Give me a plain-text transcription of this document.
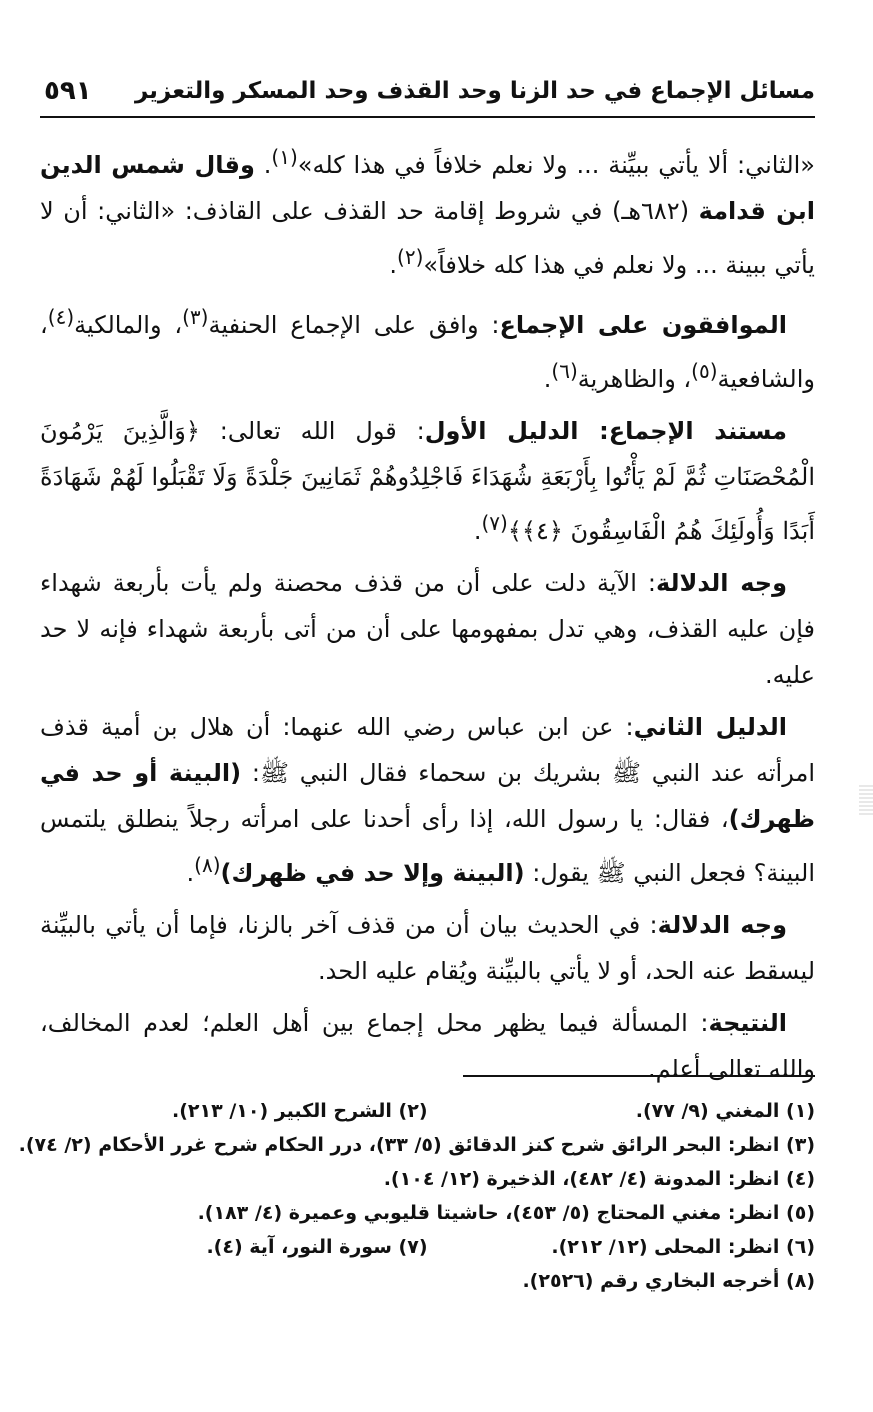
مسائل الإجماع في حد الزنا وحد القذف وحد المسكر والتعزير
٥٩١

«الثاني: ألا يأتي ببيِّنة ... ولا نعلم خلافاً في هذا كله»$^{(١)}$. وقال شمس الدين ابن قدامة (٦٨٢هـ) في شروط إقامة حد القذف على القاذف: «الثاني: أن لا يأتي ببينة ... ولا نعلم في هذا كله خلافاً»$^{(٢)}$.

الموافقون على الإجماع: وافق على الإجماع الحنفية$^{(٣)}$، والمالكية$^{(٤)}$، والشافعية$^{(٥)}$، والظاهرية$^{(٦)}$.

مستند الإجماع: الدليل الأول: قول الله تعالى: ﴿وَالَّذِينَ يَرْمُونَ الْمُحْصَنَاتِ ثُمَّ لَمْ يَأْتُوا بِأَرْبَعَةِ شُهَدَاءَ فَاجْلِدُوهُمْ ثَمَانِينَ جَلْدَةً وَلَا تَقْبَلُوا لَهُمْ شَهَادَةً أَبَدًا وَأُولَئِكَ هُمُ الْفَاسِقُونَ ﴿٤﴾﴾$^{(٧)}$.

وجه الدلالة: الآية دلت على أن من قذف محصنة ولم يأت بأربعة شهداء فإن عليه القذف، وهي تدل بمفهومها على أن من أتى بأربعة شهداء فإنه لا حد عليه.

الدليل الثاني: عن ابن عباس رضي الله عنهما: أن هلال بن أمية قذف امرأته عند النبي ﷺ بشريك بن سحماء فقال النبي ﷺ: (البينة أو حد في ظهرك)، فقال: يا رسول الله، إذا رأى أحدنا على امرأته رجلاً ينطلق يلتمس البينة؟ فجعل النبي ﷺ يقول: (البينة وإلا حد في ظهرك)$^{(٨)}$.

وجه الدلالة: في الحديث بيان أن من قذف آخر بالزنا، فإما أن يأتي بالبيِّنة ليسقط عنه الحد، أو لا يأتي بالبيِّنة ويُقام عليه الحد.

النتيجة: المسألة فيما يظهر محل إجماع بين أهل العلم؛ لعدم المخالف، والله تعالى أعلم.

(١) المغني (٩/ ٧٧).
(٢) الشرح الكبير (١٠/ ٢١٣).
(٣) انظر: البحر الرائق شرح كنز الدقائق (٥/ ٣٣)، درر الحكام شرح غرر الأحكام (٢/ ٧٤).
(٤) انظر: المدونة (٤/ ٤٨٢)، الذخيرة (١٢/ ١٠٤).
(٥) انظر: مغني المحتاج (٥/ ٤٥٣)، حاشيتا قليوبي وعميرة (٤/ ١٨٣).
(٦) انظر: المحلى (١٢/ ٢١٢).
(٧) سورة النور، آية (٤).
(٨) أخرجه البخاري رقم (٢٥٢٦).
